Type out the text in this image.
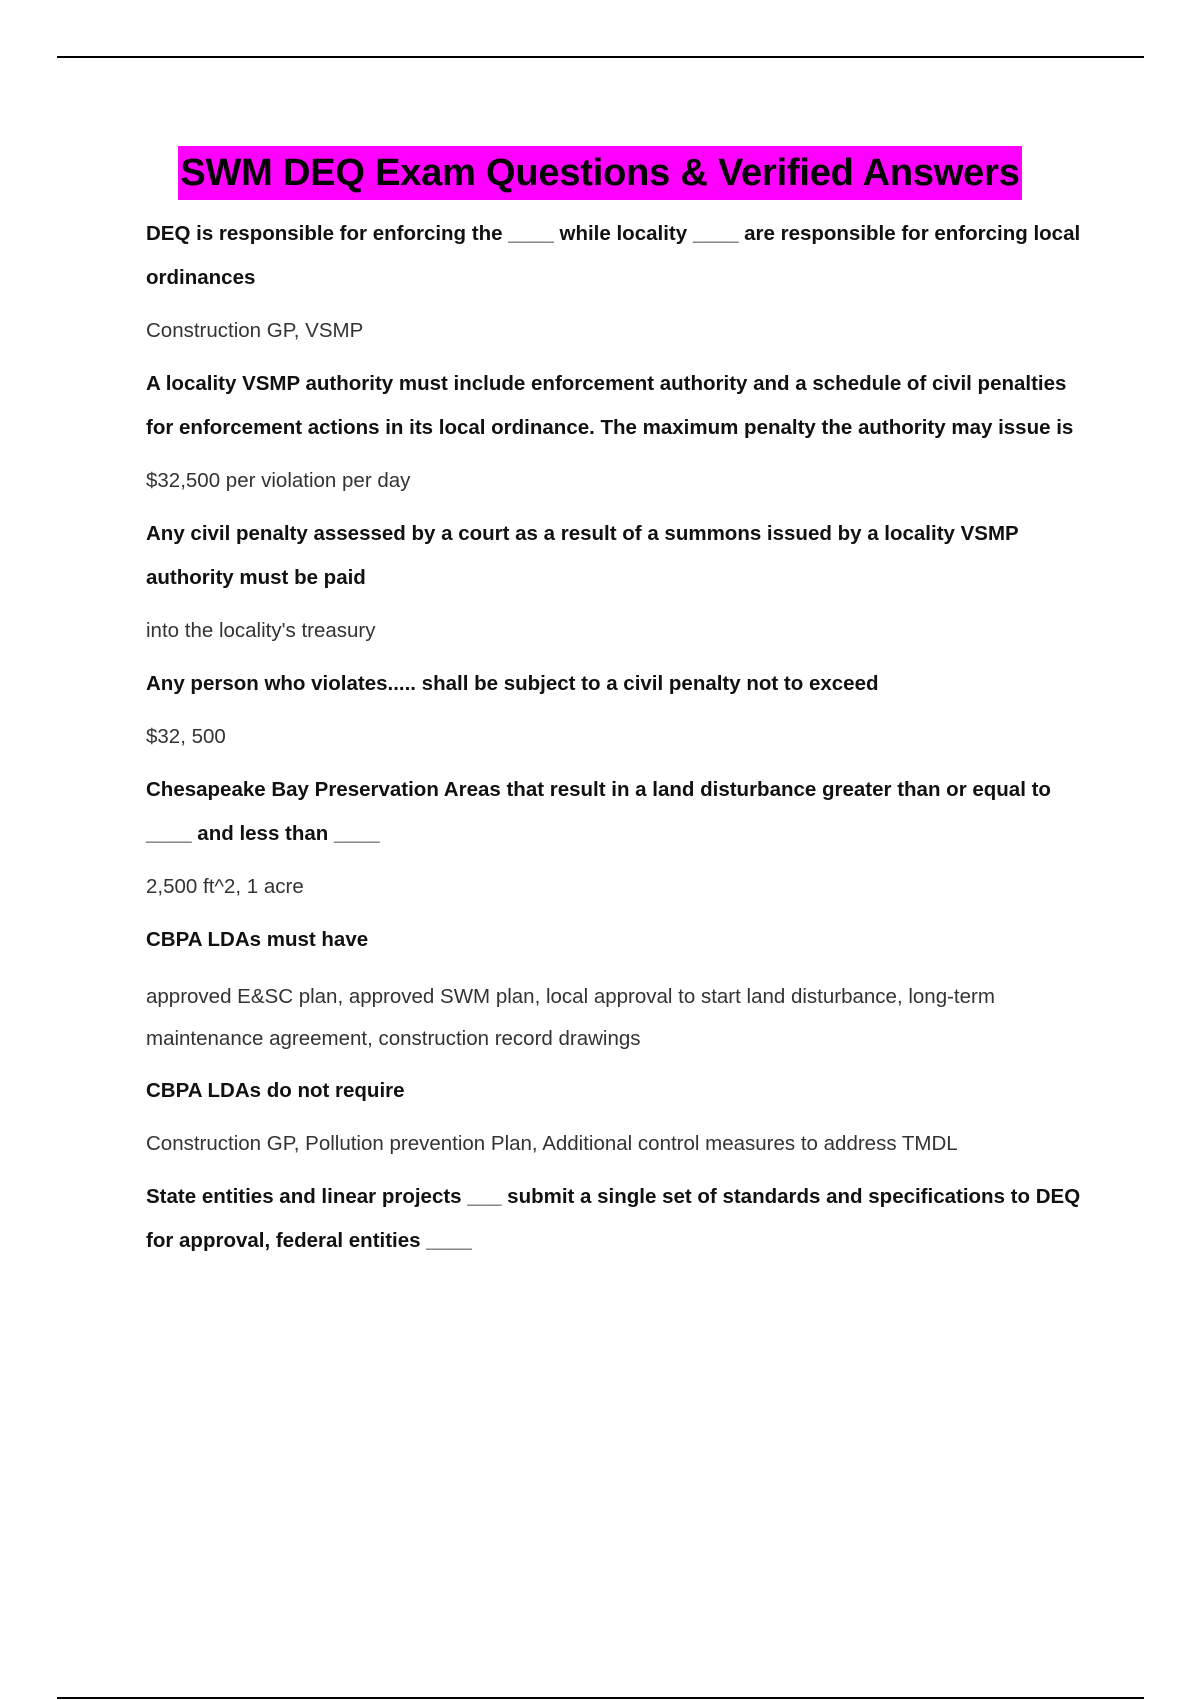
SWM DEQ Exam Questions & Verified Answers

DEQ is responsible for enforcing the ____ while locality ____ are responsible for enforcing local ordinances

Construction GP, VSMP

A locality VSMP authority must include enforcement authority and a schedule of civil penalties for enforcement actions in its local ordinance. The maximum penalty the authority may issue is

$32,500 per violation per day

Any civil penalty assessed by a court as a result of a summons issued by a locality VSMP authority must be paid

into the locality's treasury

Any person who violates..... shall be subject to a civil penalty not to exceed

$32, 500

Chesapeake Bay Preservation Areas that result in a land disturbance greater than or equal to ____ and less than ____

2,500 ft^2, 1 acre

CBPA LDAs must have

approved E&SC plan, approved SWM plan, local approval to start land disturbance, long-term maintenance agreement, construction record drawings

CBPA LDAs do not require

Construction GP, Pollution prevention Plan, Additional control measures to address TMDL

State entities and linear projects ___ submit a single set of standards and specifications to DEQ for approval, federal entities ____
